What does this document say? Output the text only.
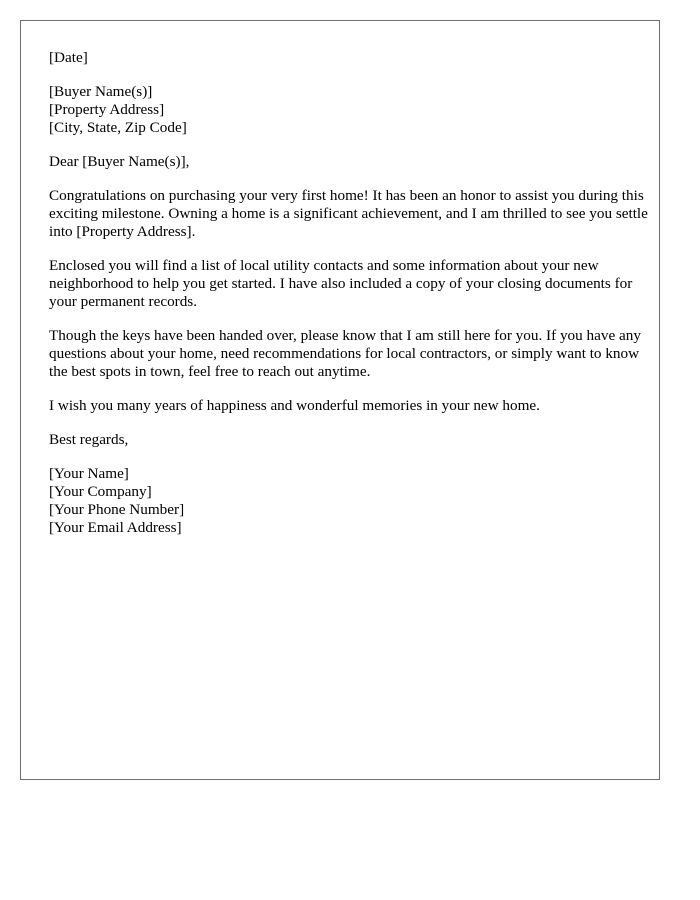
[Date]

[Buyer Name(s)]
[Property Address]
[City, State, Zip Code]

Dear [Buyer Name(s)],

Congratulations on purchasing your very first home! It has been an honor to assist you during this exciting milestone. Owning a home is a significant achievement, and I am thrilled to see you settle into [Property Address].

Enclosed you will find a list of local utility contacts and some information about your new neighborhood to help you get started. I have also included a copy of your closing documents for your permanent records.

Though the keys have been handed over, please know that I am still here for you. If you have any questions about your home, need recommendations for local contractors, or simply want to know the best spots in town, feel free to reach out anytime.

I wish you many years of happiness and wonderful memories in your new home.

Best regards,

[Your Name]
[Your Company]
[Your Phone Number]
[Your Email Address]
